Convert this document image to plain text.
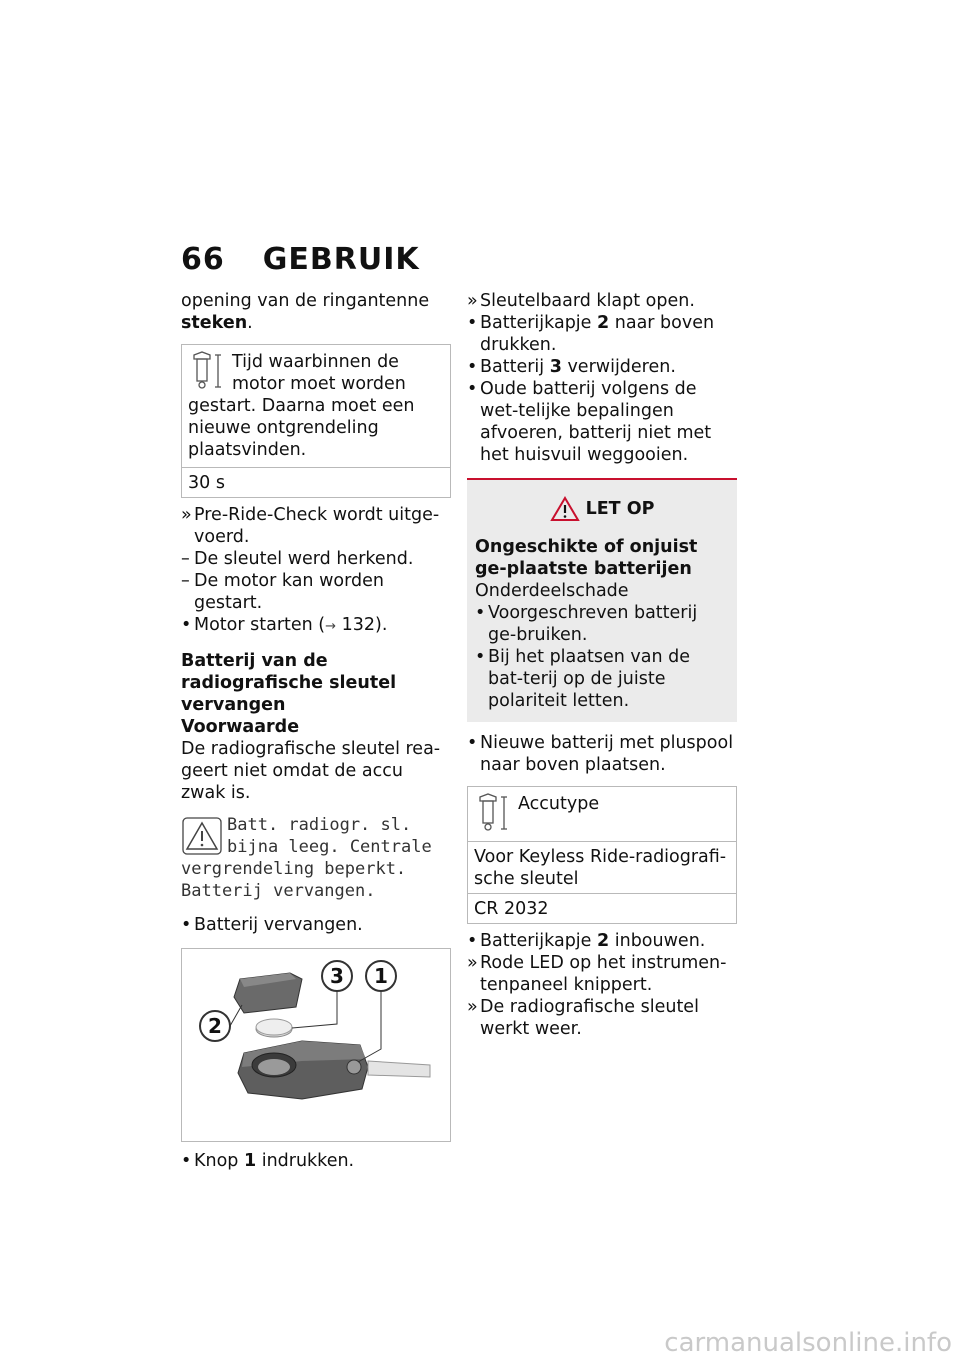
66 GEBRUIK

opening van de ringantenne
steken.

Tijd waarbinnen de motor moet worden gestart. Daarna moet een nieuwe ontgrendeling plaatsvinden.
30 s
» Pre-Ride-Check wordt uitge-voerd.
– De sleutel werd herkend.
– De motor kan worden gestart.
• Motor starten (→︎ 132).
Batterij van de radiografische sleutel vervangen
Voorwaarde

De radiografische sleutel rea-geert niet omdat de accu zwak is.

Batt. radiogr. sl.
bijna leeg. Centrale
vergrendeling beperkt.
Batterij vervangen.
• Batterij vervangen.
1
2
3
• Knop 1 indrukken.
» Sleutelbaard klapt open.
• Batterijkapje 2 naar boven drukken.
• Batterij 3 verwijderen.
• Oude batterij volgens de wet-telijke bepalingen afvoeren, batterij niet met het huisvuil weggooien.
LET OP
Ongeschikte of onjuist ge-plaatste batterijen
Onderdeelschade
• Voorgeschreven batterij ge-bruiken.
• Bij het plaatsen van de bat-terij op de juiste polariteit letten.
• Nieuwe batterij met pluspool naar boven plaatsen.
Accutype
Voor Keyless Ride-radiografi-sche sleutel
CR 2032
• Batterijkapje 2 inbouwen.
» Rode LED op het instrumen-tenpaneel knippert.
» De radiografische sleutel werkt weer.
carmanualsonline.info
